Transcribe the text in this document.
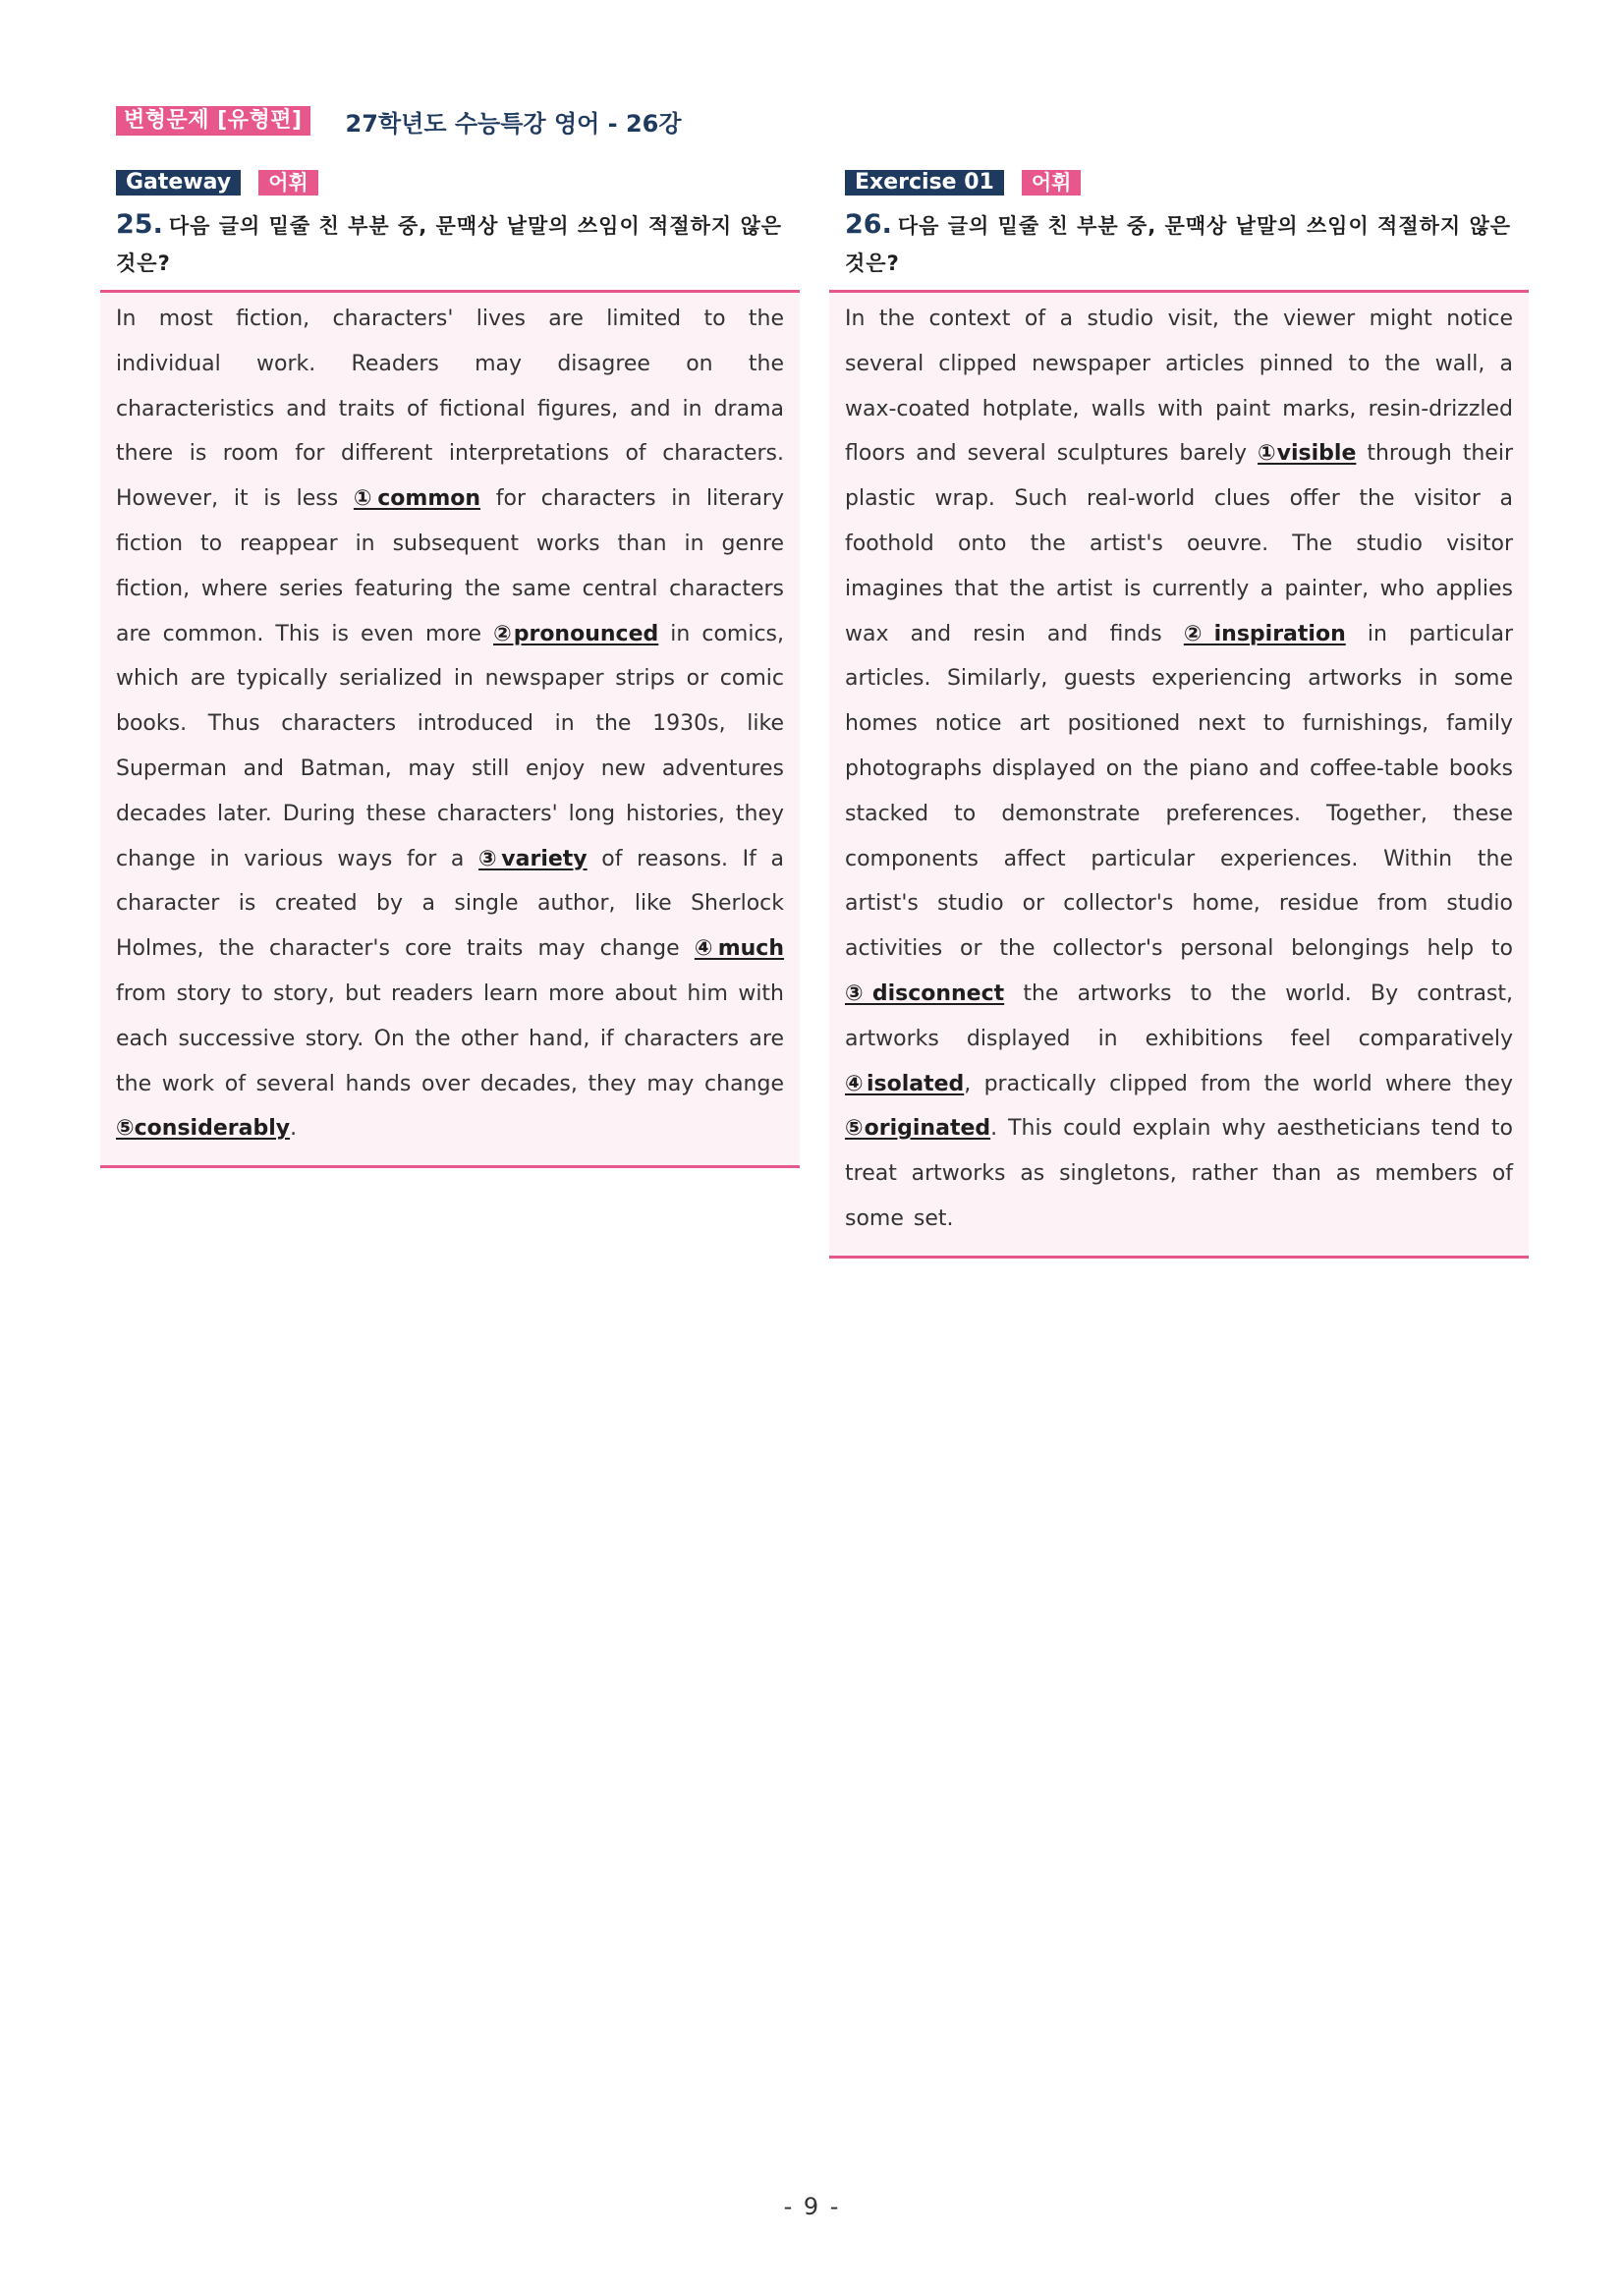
변형문제 [유형편]	27학년도 수능특강 영어 - 26강
Gateway	어휘
25. 다음 글의 밑줄 친 부분 중, 문맥상 낱말의 쓰임이 적절하지 않은 것은?

In most fiction, characters' lives are limited to the individual work. Readers may disagree on the characteristics and traits of fictional figures, and in drama there is room for different interpretations of characters. However, it is less ①common for characters in literary fiction to reappear in subsequent works than in genre fiction, where series featuring the same central characters are common. This is even more ②pronounced in comics, which are typically serialized in newspaper strips or comic books. Thus characters introduced in the 1930s, like Superman and Batman, may still enjoy new adventures decades later. During these characters' long histories, they change in various ways for a ③variety of reasons. If a character is created by a single author, like Sherlock Holmes, the character's core traits may change ④much from story to story, but readers learn more about him with each successive story. On the other hand, if characters are the work of several hands over decades, they may change ⑤considerably.

Exercise 01	어휘
26. 다음 글의 밑줄 친 부분 중, 문맥상 낱말의 쓰임이 적절하지 않은 것은?

In the context of a studio visit, the viewer might notice several clipped newspaper articles pinned to the wall, a wax-coated hotplate, walls with paint marks, resin-drizzled floors and several sculptures barely ①visible through their plastic wrap. Such real-world clues offer the visitor a foothold onto the artist's oeuvre. The studio visitor imagines that the artist is currently a painter, who applies wax and resin and finds ②inspiration in particular articles. Similarly, guests experiencing artworks in some homes notice art positioned next to furnishings, family photographs displayed on the piano and coffee-table books stacked to demonstrate preferences. Together, these components affect particular experiences. Within the artist's studio or collector's home, residue from studio activities or the collector's personal belongings help to ③disconnect the artworks to the world. By contrast, artworks displayed in exhibitions feel comparatively ④isolated, practically clipped from the world where they ⑤originated. This could explain why aestheticians tend to treat artworks as singletons, rather than as members of some set.

- 9 -
